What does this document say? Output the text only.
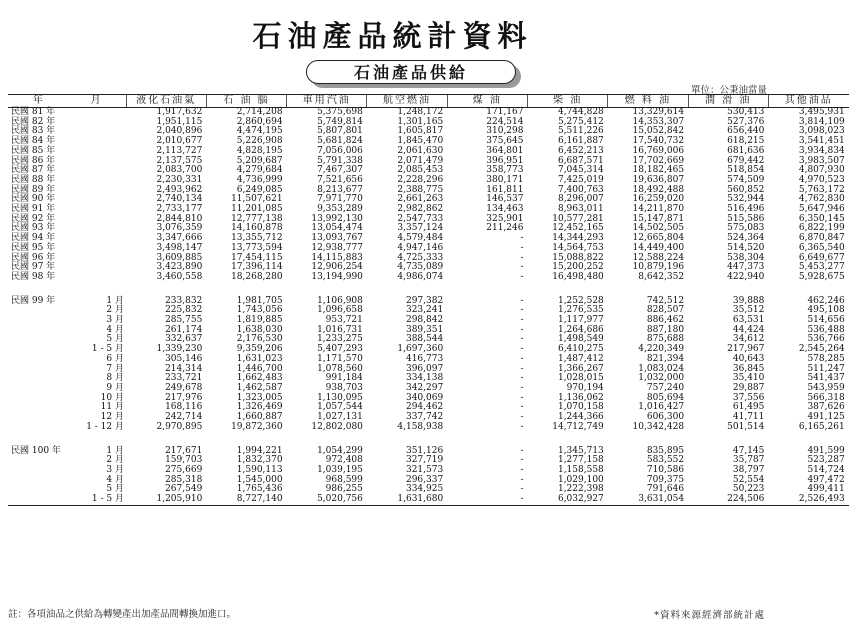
石油產品統計資料
石油產品供給
單位：公秉油當量
年 月	液化石油氣	石 油 腦	車用汽油	航空燃油	煤 油	柴 油	燃 料 油	潤 滑 油	其他油品
民國 81 年	1,917,632	2,714,208	5,375,698	1,248,172	171,167	4,744,828	13,329,614	530,413	3,495,931
民國 82 年	1,951,115	2,860,694	5,749,814	1,301,165	224,514	5,275,412	14,353,307	527,376	3,814,109
民國 83 年	2,040,896	4,474,195	5,807,801	1,605,817	310,298	5,511,226	15,052,842	656,440	3,098,023
民國 84 年	2,010,677	5,226,908	5,681,824	1,845,470	375,645	6,161,887	17,540,732	618,215	3,541,451
民國 85 年	2,113,727	4,828,195	7,056,006	2,061,630	364,801	6,452,213	16,769,006	681,636	3,934,834
民國 86 年	2,137,575	5,209,687	5,791,338	2,071,479	396,951	6,687,571	17,702,669	679,442	3,983,507
民國 87 年	2,083,700	4,279,684	7,467,307	2,085,453	358,773	7,045,314	18,182,465	518,854	4,807,930
民國 88 年	2,230,331	4,736,999	7,521,656	2,228,296	380,171	7,425,019	19,636,807	574,509	4,970,523
民國 89 年	2,493,962	6,249,085	8,213,677	2,388,775	161,811	7,400,763	18,492,488	560,852	5,763,172
民國 90 年	2,740,134	11,507,621	7,971,770	2,661,263	146,537	8,296,007	16,259,020	532,944	4,762,830
民國 91 年	2,733,177	11,201,085	9,353,289	2,982,862	134,463	8,963,011	14,211,870	516,496	5,647,946
民國 92 年	2,844,810	12,777,138	13,992,130	2,547,733	325,901	10,577,281	15,147,871	515,586	6,350,145
民國 93 年	3,076,359	14,160,878	13,054,474	3,357,124	211,246	12,452,165	14,502,505	575,083	6,822,199
民國 94 年	3,347,666	13,355,712	13,093,767	4,579,484	-	14,344,293	12,665,804	524,364	6,870,847
民國 95 年	3,498,147	13,773,594	12,938,777	4,947,146	-	14,564,753	14,449,400	514,520	6,365,540
民國 96 年	3,609,885	17,454,115	14,115,883	4,725,333	-	15,088,822	12,588,224	538,304	6,649,677
民國 97 年	3,423,890	17,396,114	12,906,254	4,735,089	-	15,200,252	10,879,196	447,373	5,453,277
民國 98 年	3,460,558	18,268,280	13,194,990	4,986,074	-	16,498,480	8,642,352	422,940	5,928,675

民國 99 年 1 月	233,832	1,981,705	1,106,908	297,382	-	1,252,528	742,512	39,888	462,246

2 月	225,832	1,743,056	1,096,658	323,241	-	1,276,535	828,507	35,512	495,108

3 月	285,755	1,819,885	953,721	298,842	-	1,117,977	886,462	63,531	514,656

4 月	261,174	1,638,030	1,016,731	389,351	-	1,264,686	887,180	44,424	536,488

5 月	332,637	2,176,530	1,233,275	388,544	-	1,498,549	875,688	34,612	536,766

1 - 5 月	1,339,230	9,359,206	5,407,293	1,697,360	-	6,410,275	4,220,349	217,967	2,545,264

6 月	305,146	1,631,023	1,171,570	416,773	-	1,487,412	821,394	40,643	578,285

7 月	214,314	1,446,700	1,078,560	396,097	-	1,366,267	1,083,024	36,845	511,247

8 月	233,721	1,662,483	991,184	334,138	-	1,028,015	1,032,000	35,410	541,437

9 月	249,678	1,462,587	938,703	342,297	-	970,194	757,240	29,887	543,959

10 月	217,976	1,323,005	1,130,095	340,069	-	1,136,062	805,694	37,556	566,318

11 月	168,116	1,326,469	1,057,544	294,462	-	1,070,158	1,016,427	61,495	387,626

12 月	242,714	1,660,887	1,027,131	337,742	-	1,244,366	606,300	41,711	491,125

1 - 12 月	2,970,895	19,872,360	12,802,080	4,158,938	-	14,712,749	10,342,428	501,514	6,165,261

民國 100 年 1 月	217,671	1,994,221	1,054,299	351,126	-	1,345,713	835,895	47,145	491,599

2 月	159,703	1,832,370	972,408	327,719	-	1,277,158	583,552	35,787	523,287

3 月	275,669	1,590,113	1,039,195	321,573	-	1,158,558	710,586	38,797	514,724

4 月	285,318	1,545,000	968,599	296,337	-	1,029,100	709,375	52,554	497,472

5 月	267,549	1,765,436	986,255	334,925	-	1,222,398	791,646	50,223	499,411

1 - 5 月	1,205,910	8,727,140	5,020,756	1,631,680	-	6,032,927	3,631,054	224,506	2,526,493
註：各項油品之供給為轉變產出加產品間轉換加進口。	*資料來源經濟部統計處
